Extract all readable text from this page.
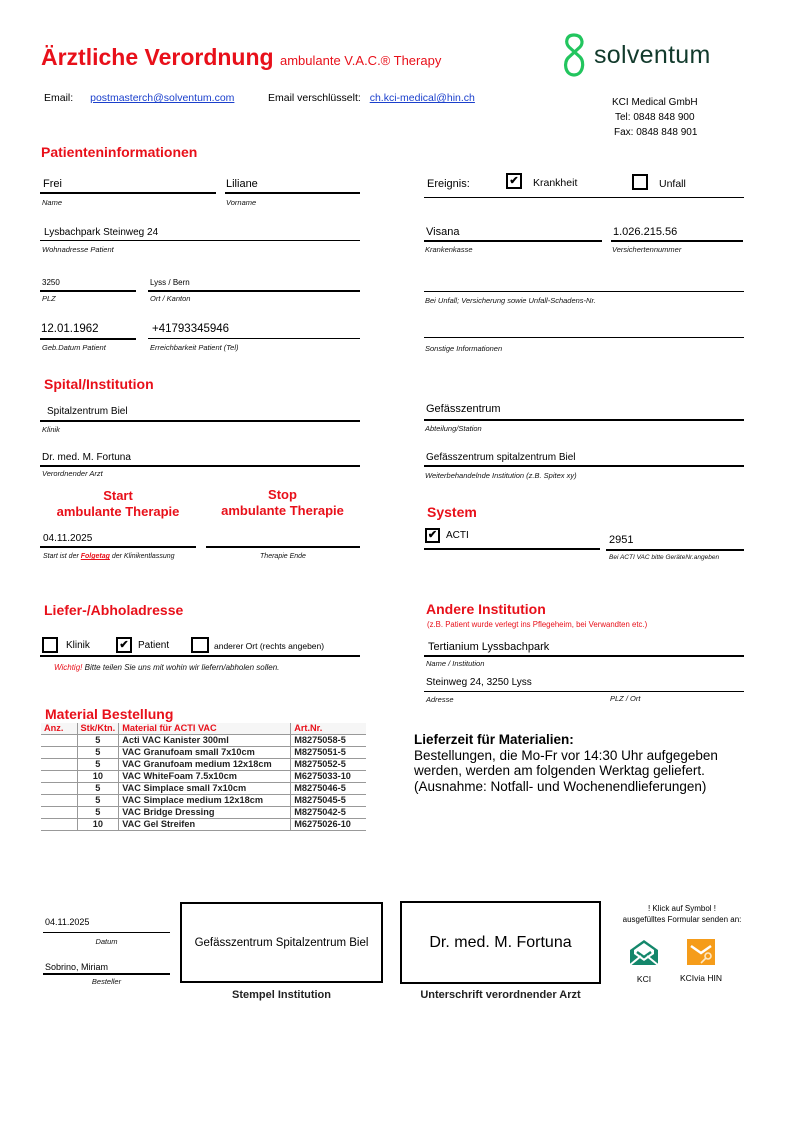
Ärztliche Verordnung ambulante V.A.C.® Therapy
Email: postmasterch@solventum.com	Email verschlüsselt: ch.kci-medical@hin.ch
solventum
KCI Medical GmbH
Tel: 0848 848 900
Fax: 0848 848 901
Patienteninformationen
Frei
Name
Liliane
Vorname
Lysbachpark Steinweg 24
Wohnadresse Patient
3250
PLZ
Lyss / Bern
Ort / Kanton
12.01.1962
Geb.Datum Patient
+41793345946
Erreichbarkeit Patient (Tel)
Ereignis:	✔ Krankheit	Unfall
Visana
Krankenkasse
1.026.215.56
Versichertennummer
Bei Unfall; Versicherung sowie Unfall-Schadens-Nr.
Sonstige Informationen
Spital/Institution
Spitalzentrum Biel
Klinik
Dr. med. M. Fortuna
Verordnender Arzt
Gefässzentrum
Abteilung/Station
Gefässzentrum spitalzentrum Biel
Weiterbehandelnde Institution (z.B. Spitex xy)
Start
ambulante Therapie
Stop
ambulante Therapie
04.11.2025
Start ist der Folgetag der Klinikentlassung	Therapie Ende
System
✔ ACTI	2951
Bei ACTI VAC bitte GeräteNr.angeben
Liefer-/Abholadresse
Klinik	✔ Patient	anderer Ort (rechts angeben)
Wichtig! Bitte teilen Sie uns mit wohin wir liefern/abholen sollen.
Andere Institution
(z.B. Patient wurde verlegt ins Pflegeheim, bei Verwandten etc.)
Tertianium Lyssbachpark
Name / Institution
Steinweg 24, 3250 Lyss
Adresse	PLZ / Ort
Material Bestellung
Anz.	Stk/Ktn.	Material für ACTI VAC	Art.Nr.
	5	Acti VAC Kanister 300ml	M8275058-5
	5	VAC Granufoam small 7x10cm	M8275051-5
	5	VAC Granufoam medium 12x18cm	M8275052-5
	10	VAC WhiteFoam 7.5x10cm	M6275033-10
	5	VAC Simplace small 7x10cm	M8275046-5
	5	VAC Simplace medium 12x18cm	M8275045-5
	5	VAC Bridge Dressing	M8275042-5
	10	VAC Gel Streifen	M6275026-10
Lieferzeit für Materialien:
Bestellungen, die Mo-Fr vor 14:30 Uhr aufgegeben
werden, werden am folgenden Werktag geliefert.
(Ausnahme: Notfall- und Wochenendlieferungen)
04.11.2025
Datum
Sobrino, Miriam
Besteller
Gefässzentrum Spitalzentrum Biel
Stempel Institution
Dr. med. M. Fortuna
Unterschrift verordnender Arzt
! Klick auf Symbol !
ausgefülltes Formular senden an:
KCI	KCIvia HIN
